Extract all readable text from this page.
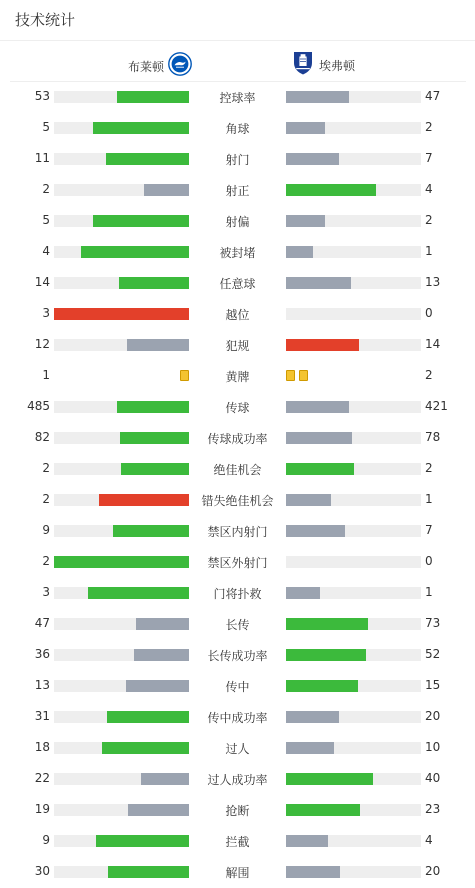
技术统计
布莱顿	埃弗顿
53	控球率	47
5	角球	2
11	射门	7
2	射正	4
5	射偏	2
4	被封堵	1
14	任意球	13
3	越位	0
12	犯规	14
1	黄牌	2
485	传球	421
82	传球成功率	78
2	绝佳机会	2
2	错失绝佳机会	1
9	禁区内射门	7
2	禁区外射门	0
3	门将扑救	1
47	长传	73
36	长传成功率	52
13	传中	15
31	传中成功率	20
18	过人	10
22	过人成功率	40
19	抢断	23
9	拦截	4
30	解围	20
